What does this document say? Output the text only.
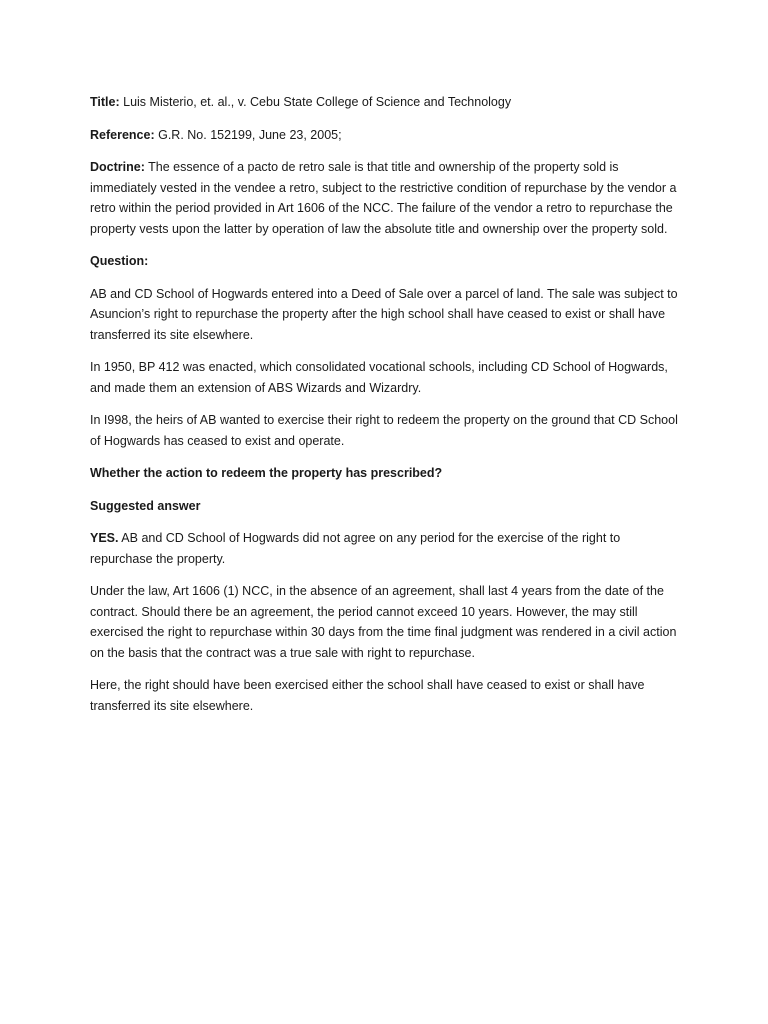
Title: Luis Misterio, et. al., v. Cebu State College of Science and Technology

Reference: G.R. No. 152199, June 23, 2005;

Doctrine: The essence of a pacto de retro sale is that title and ownership of the property sold is immediately vested in the vendee a retro, subject to the restrictive condition of repurchase by the vendor a retro within the period provided in Art 1606 of the NCC. The failure of the vendor a retro to repurchase the property vests upon the latter by operation of law the absolute title and ownership over the property sold.

Question:

AB and CD School of Hogwards entered into a Deed of Sale over a parcel of land. The sale was subject to Asuncion’s right to repurchase the property after the high school shall have ceased to exist or shall have transferred its site elsewhere.

In 1950, BP 412 was enacted, which consolidated vocational schools, including CD School of Hogwards, and made them an extension of ABS Wizards and Wizardry.

In I998, the heirs of AB wanted to exercise their right to redeem the property on the ground that CD School of Hogwards has ceased to exist and operate.

Whether the action to redeem the property has prescribed?

Suggested answer

YES. AB and CD School of Hogwards did not agree on any period for the exercise of the right to repurchase the property.

Under the law, Art 1606 (1) NCC, in the absence of an agreement, shall last 4 years from the date of the contract. Should there be an agreement, the period cannot exceed 10 years. However, the may still exercised the right to repurchase within 30 days from the time final judgment was rendered in a civil action on the basis that the contract was a true sale with right to repurchase.

Here, the right should have been exercised either the school shall have ceased to exist or shall have transferred its site elsewhere.
